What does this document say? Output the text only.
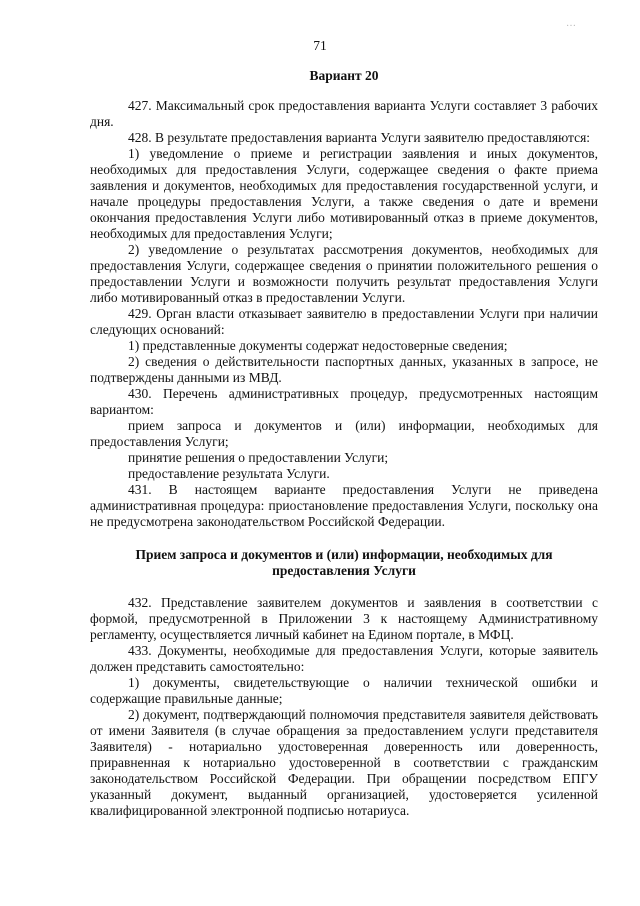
71
…

Вариант 20

427. Максимальный срок предоставления варианта Услуги составляет 3 рабочих дня.

428. В результате предоставления варианта Услуги заявителю предоставляются:

1) уведомление о приеме и регистрации заявления и иных документов, необходимых для предоставления Услуги, содержащее сведения о факте приема заявления и документов, необходимых для предоставления государственной услуги, и начале процедуры предоставления Услуги, а также сведения о дате и времени окончания предоставления Услуги либо мотивированный отказ в приеме документов, необходимых для предоставления Услуги;

2) уведомление о результатах рассмотрения документов, необходимых для предоставления Услуги, содержащее сведения о принятии положительного решения о предоставлении Услуги и возможности получить результат предоставления Услуги либо мотивированный отказ в предоставлении Услуги.

429. Орган власти отказывает заявителю в предоставлении Услуги при наличии следующих оснований:

1) представленные документы содержат недостоверные сведения;

2) сведения о действительности паспортных данных, указанных в запросе, не подтверждены данными из МВД.

430. Перечень административных процедур, предусмотренных настоящим вариантом:

прием запроса и документов и (или) информации, необходимых для предоставления Услуги;

принятие решения о предоставлении Услуги;

предоставление результата Услуги.

431. В настоящем варианте предоставления Услуги не приведена административная процедура: приостановление предоставления Услуги, поскольку она не предусмотрена законодательством Российской Федерации.

Прием запроса и документов и (или) информации, необходимых для предоставления Услуги

432. Представление заявителем документов и заявления в соответствии с формой, предусмотренной в Приложении 3 к настоящему Административному регламенту, осуществляется личный кабинет на Едином портале, в МФЦ.

433. Документы, необходимые для предоставления Услуги, которые заявитель должен представить самостоятельно:

1) документы, свидетельствующие о наличии технической ошибки и содержащие правильные данные;

2) документ, подтверждающий полномочия представителя заявителя действовать от имени Заявителя (в случае обращения за предоставлением услуги представителя Заявителя) - нотариально удостоверенная доверенность или доверенность, приравненная к нотариально удостоверенной в соответствии с гражданским законодательством Российской Федерации. При обращении посредством ЕПГУ указанный документ, выданный организацией, удостоверяется усиленной квалифицированной электронной подписью нотариуса.
